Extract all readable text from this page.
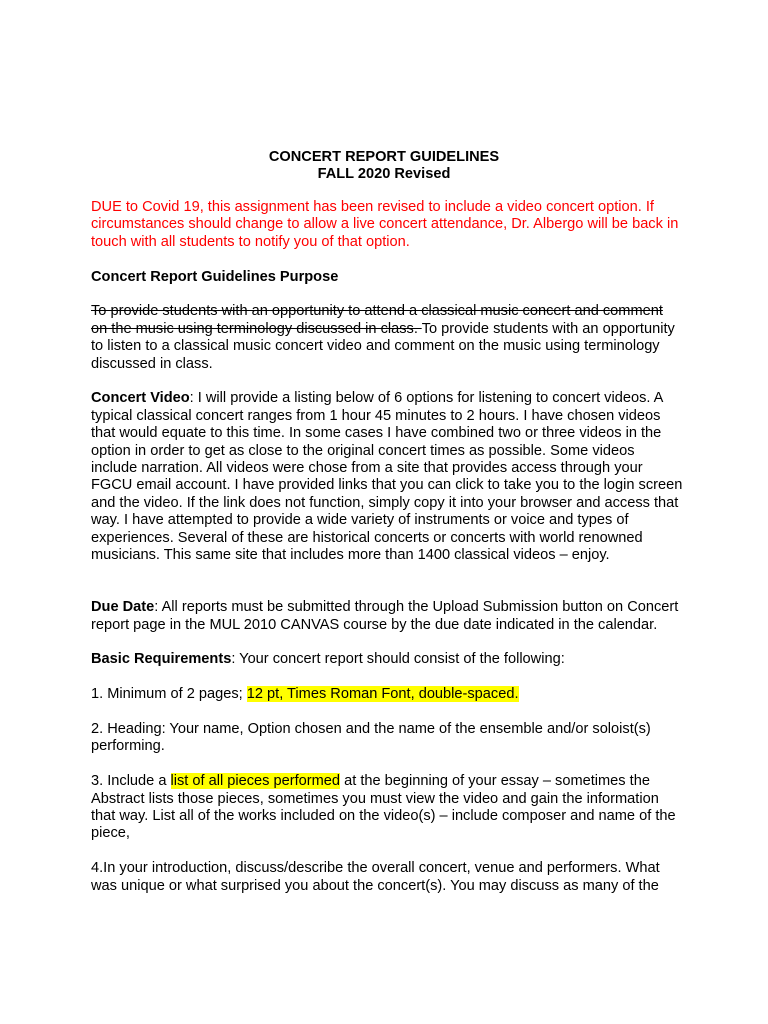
CONCERT REPORT GUIDELINES
FALL 2020 Revised

DUE to Covid 19, this assignment has been revised to include a video concert option. If circumstances should change to allow a live concert attendance, Dr. Albergo will be back in touch with all students to notify you of that option.

Concert Report Guidelines Purpose

To provide students with an opportunity to attend a classical music concert and comment on the music using terminology discussed in class. To provide students with an opportunity to listen to a classical music concert video and comment on the music using terminology discussed in class.

Concert Video: I will provide a listing below of 6 options for listening to concert videos. A typical classical concert ranges from 1 hour 45 minutes to 2 hours. I have chosen videos that would equate to this time. In some cases I have combined two or three videos in the option in order to get as close to the original concert times as possible. Some videos include narration. All videos were chose from a site that provides access through your FGCU email account. I have provided links that you can click to take you to the login screen and the video. If the link does not function, simply copy it into your browser and access that way. I have attempted to provide a wide variety of instruments or voice and types of experiences. Several of these are historical concerts or concerts with world renowned musicians. This same site that includes more than 1400 classical videos – enjoy.

Due Date: All reports must be submitted through the Upload Submission button on Concert report page in the MUL 2010 CANVAS course by the due date indicated in the calendar.

Basic Requirements: Your concert report should consist of the following:

1. Minimum of 2 pages; 12 pt, Times Roman Font, double-spaced.

2. Heading: Your name, Option chosen and the name of the ensemble and/or soloist(s) performing.

3. Include a list of all pieces performed at the beginning of your essay – sometimes the Abstract lists those pieces, sometimes you must view the video and gain the information that way. List all of the works included on the video(s) – include composer and name of the piece,

4.In your introduction, discuss/describe the overall concert, venue and performers. What was unique or what surprised you about the concert(s). You may discuss as many of the
